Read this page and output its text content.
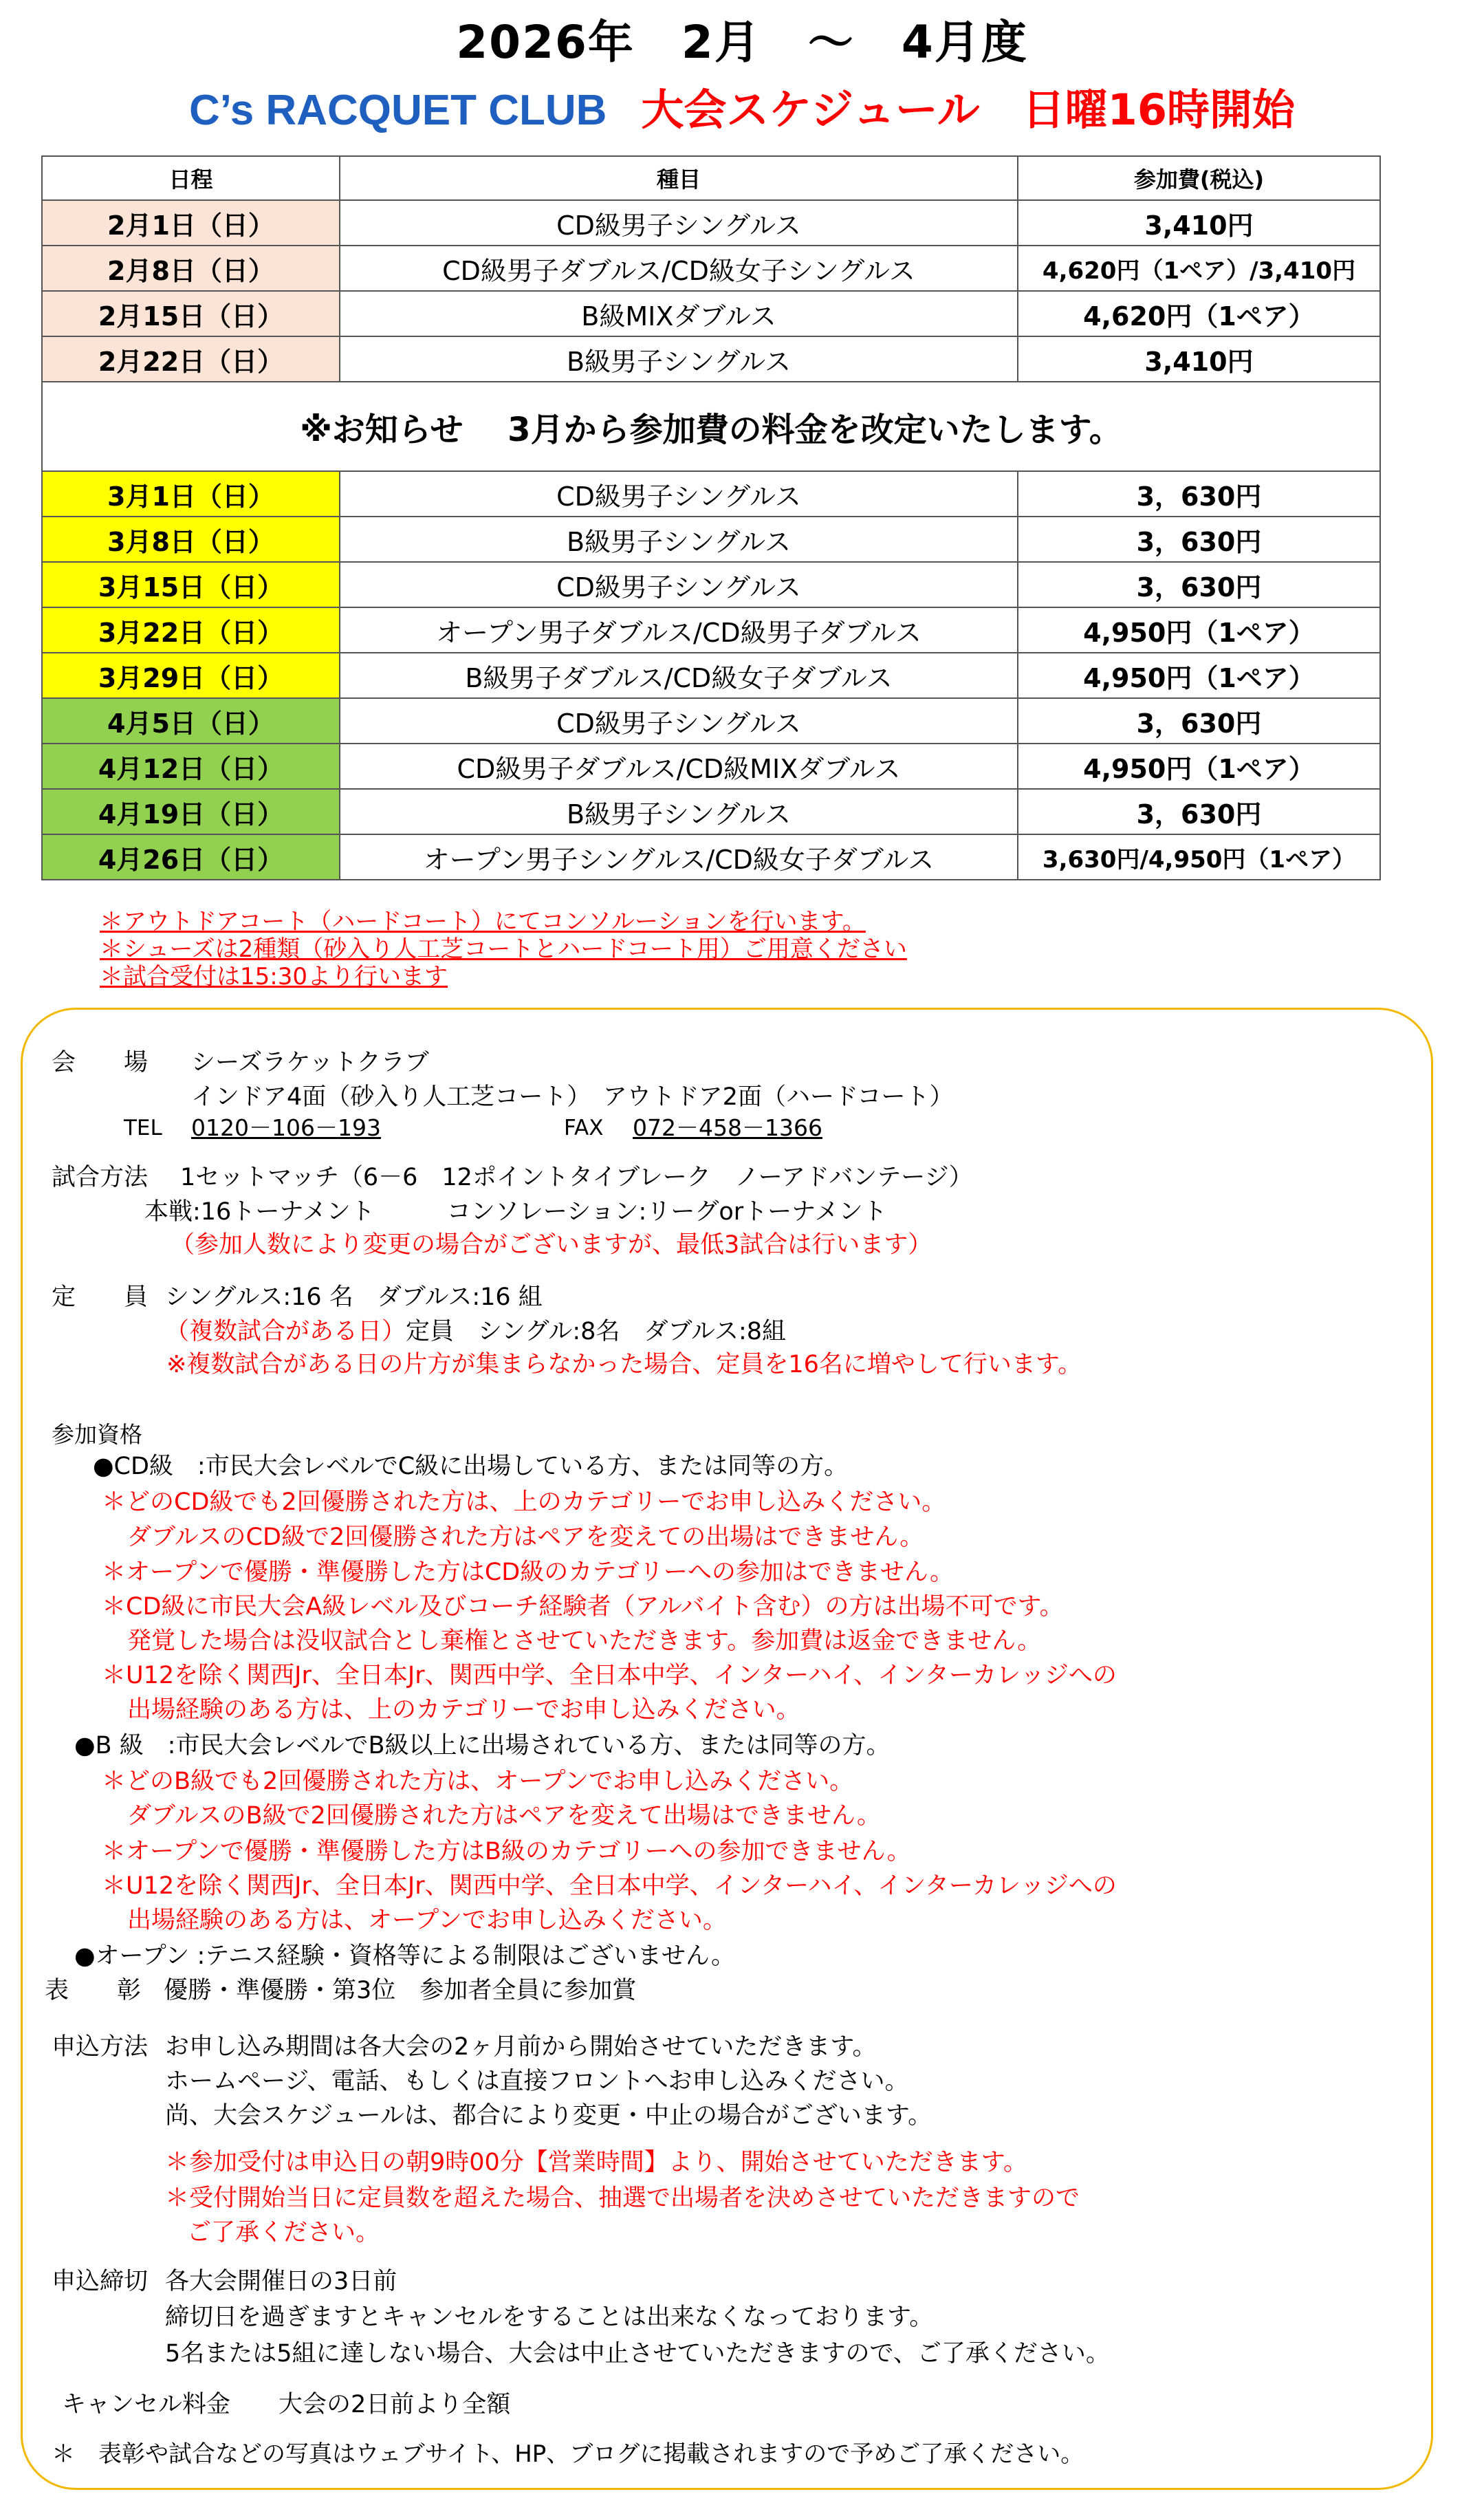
2026年　2月　～　4月度
C’s RACQUET CLUB 大会スケジュール　日曜16時開始
日程	種目	参加費(税込)
2月1日（日）	CD級男子シングルス	3,410円
2月8日（日）	CD級男子ダブルス/CD級女子シングルス	4,620円（1ペア）/3,410円
2月15日（日）	B級MIXダブルス	4,620円（1ペア）
2月22日（日）	B級男子シングルス	3,410円
※お知らせ　 3月から参加費の料金を改定いたします。		
3月1日（日）	CD級男子シングルス	3，630円
3月8日（日）	B級男子シングルス	3，630円
3月15日（日）	CD級男子シングルス	3，630円
3月22日（日）	オープン男子ダブルス/CD級男子ダブルス	4,950円（1ペア）
3月29日（日）	B級男子ダブルス/CD級女子ダブルス	4,950円（1ペア）
4月5日（日）	CD級男子シングルス	3，630円
4月12日（日）	CD級男子ダブルス/CD級MIXダブルス	4,950円（1ペア）
4月19日（日）	B級男子シングルス	3，630円
4月26日（日）	オープン男子シングルス/CD級女子ダブルス	3,630円/4,950円（1ペア）
＊アウトドアコート（ハードコート）にてコンソルーションを行います。
＊シューズは2種類（砂入り人工芝コートとハードコート用）ご用意ください
＊試合受付は15:30より行います
会　　場 シーズラケットクラブ
インドア4面（砂入り人工芝コート）　アウトドア2面（ハードコート）
TEL 0120－106－193	FAX 072－458－1366
試合方法 1セットマッチ（6－6　12ポイントタイブレーク　ノーアドバンテージ）
本戦:16トーナメント　　　コンソレーション:リーグorトーナメント
（参加人数により変更の場合がございますが、最低3試合は行います）
定　　員 シングルス:16 名　ダブルス:16 組
（複数試合がある日）定員　シングル:8名　ダブルス:8組
※複数試合がある日の片方が集まらなかった場合、定員を16名に増やして行います。
参加資格
●CD級　:市民大会レベルでC級に出場している方、または同等の方。
＊どのCD級でも2回優勝された方は、上のカテゴリーでお申し込みください。
ダブルスのCD級で2回優勝された方はペアを変えての出場はできません。
＊オープンで優勝・準優勝した方はCD級のカテゴリーへの参加はできません。
＊CD級に市民大会A級レベル及びコーチ経験者（アルバイト含む）の方は出場不可です。
発覚した場合は没収試合とし棄権とさせていただきます。参加費は返金できません。
＊U12を除く関西Jr、全日本Jr、関西中学、全日本中学、インターハイ、インターカレッジへの
出場経験のある方は、上のカテゴリーでお申し込みください。
●B 級　:市民大会レベルでB級以上に出場されている方、または同等の方。
＊どのB級でも2回優勝された方は、オープンでお申し込みください。
ダブルスのB級で2回優勝された方はペアを変えて出場はできません。
＊オープンで優勝・準優勝した方はB級のカテゴリーへの参加できません。
＊U12を除く関西Jr、全日本Jr、関西中学、全日本中学、インターハイ、インターカレッジへの
出場経験のある方は、オープンでお申し込みください。
●オープン :テニス経験・資格等による制限はございません。
表　　彰 優勝・準優勝・第3位　参加者全員に参加賞
申込方法 お申し込み期間は各大会の2ヶ月前から開始させていただきます。
ホームページ、電話、もしくは直接フロントへお申し込みください。
尚、大会スケジュールは、都合により変更・中止の場合がございます。
＊参加受付は申込日の朝9時00分【営業時間】より、開始させていただきます。
＊受付開始当日に定員数を超えた場合、抽選で出場者を決めさせていただきますので
ご了承ください。
申込締切 各大会開催日の3日前
締切日を過ぎますとキャンセルをすることは出来なくなっております。
5名または5組に達しない場合、大会は中止させていただきますので、ご了承ください。
キャンセル料金　　大会の2日前より全額
＊　表彰や試合などの写真はウェブサイト、HP、ブログに掲載されますので予めご了承ください。
